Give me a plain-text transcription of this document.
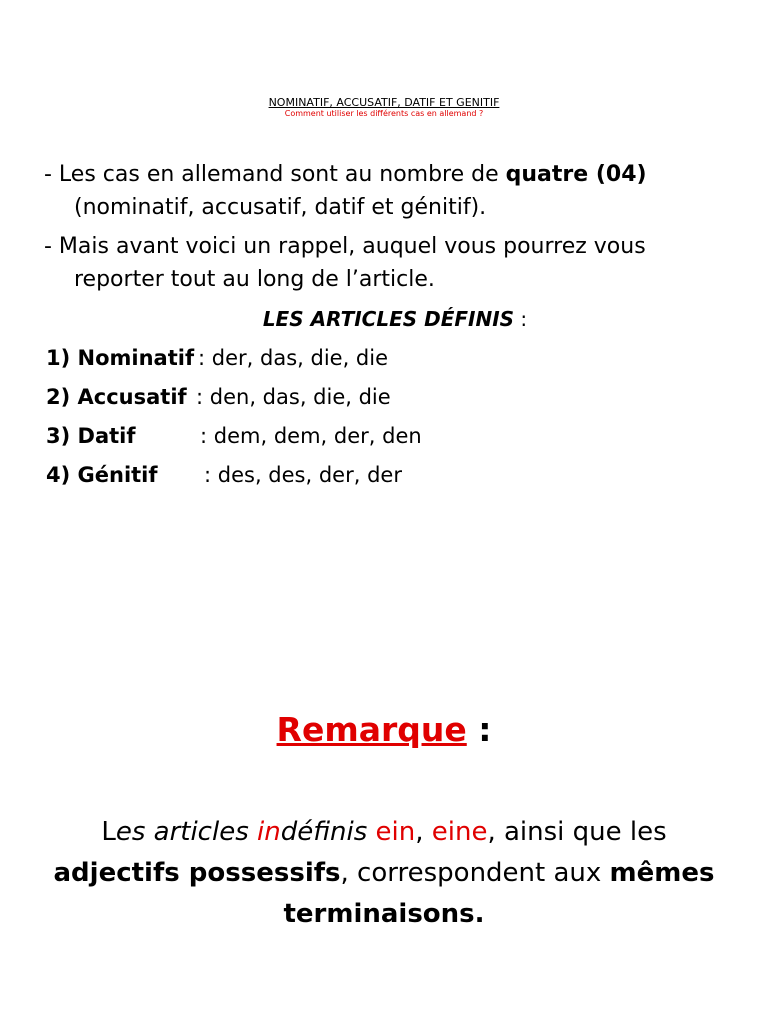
NOMINATIF, ACCUSATIF, DATIF ET GENITIF
Comment utiliser les différents cas en allemand ?
- Les cas en allemand sont au nombre de quatre (04)
(nominatif, accusatif, datif et génitif).
- Mais avant voici un rappel, auquel vous pourrez vous
reporter tout au long de l’article.
LES ARTICLES DÉFINIS :
1) Nominatif : der, das, die, die
2) Accusatif : den, das, die, die
3) Datif	: dem, dem, der, den
4) Génitif : des, des, der, der
Remarque :
Les articles indéfinis ein, eine, ainsi que les
adjectifs possessifs, correspondent aux mêmes
terminaisons.
